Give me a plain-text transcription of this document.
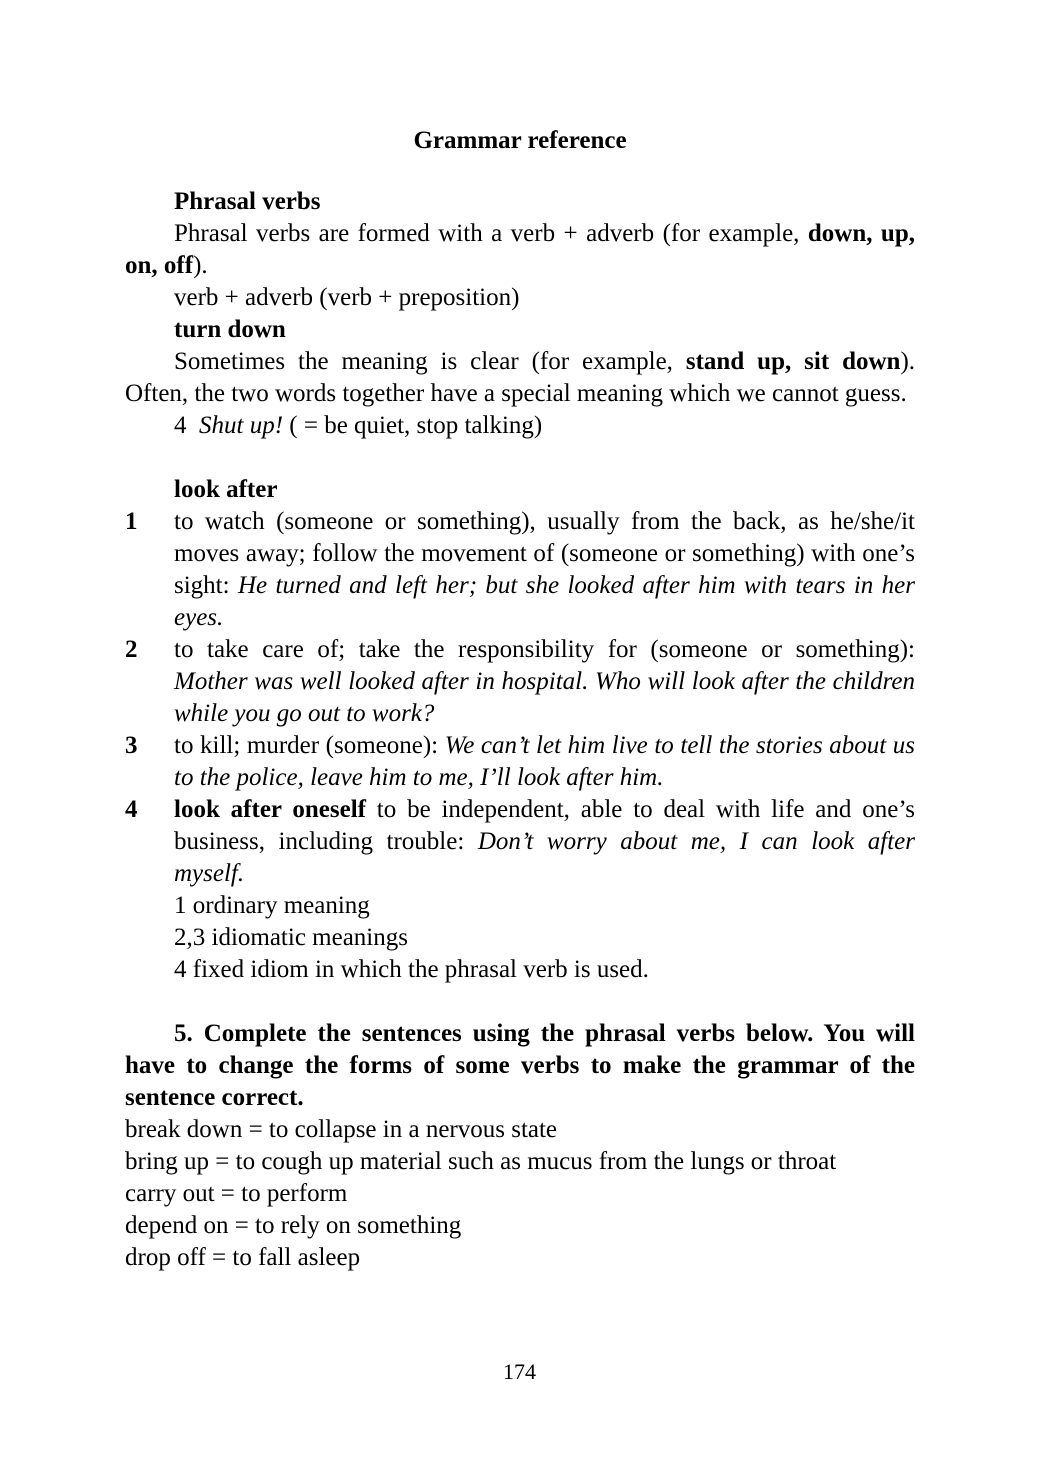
Grammar reference

Phrasal verbs

Phrasal verbs are formed with a verb + adverb (for example, down, up, on, off).

verb + adverb (verb + preposition)

turn down

Sometimes the meaning is clear (for example, stand up, sit down). Often, the two words together have a special meaning which we cannot guess.

4 Shut up! ( = be quiet, stop talking)

look after

1	to watch (someone or something), usually from the back, as he/she/it moves away; follow the movement of (someone or something) with one’s sight: He turned and left her; but she looked after him with tears in her eyes.
2	to take care of; take the responsibility for (someone or something): Mother was well looked after in hospital. Who will look after the children while you go out to work?
3	to kill; murder (someone): We can’t let him live to tell the stories about us to the police, leave him to me, I’ll look after him.
4	look after oneself to be independent, able to deal with life and one’s business, including trouble: Don’t worry about me, I can look after myself.

1 ordinary meaning

2,3 idiomatic meanings

4 fixed idiom in which the phrasal verb is used.

5. Complete the sentences using the phrasal verbs below. You will have to change the forms of some verbs to make the grammar of the sentence correct.

break down = to collapse in a nervous state

bring up = to cough up material such as mucus from the lungs or throat

carry out = to perform

depend on = to rely on something

drop off = to fall asleep

174
